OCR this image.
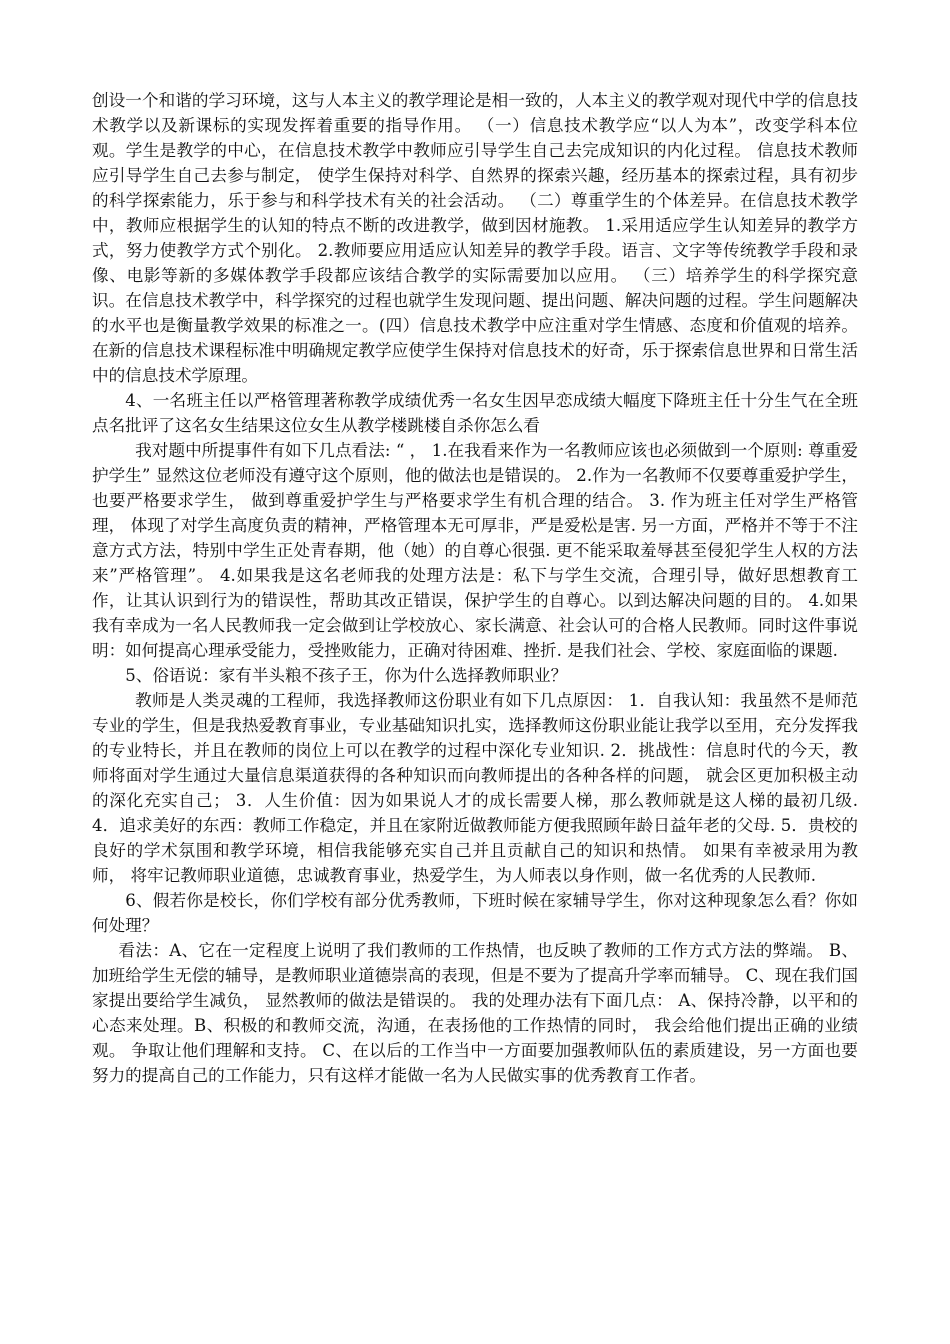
创设一个和谐的学习环境，这与人本主义的教学理论是相一致的，人本主义的教学观对现代中学的信息技术教学以及新课标的实现发挥着重要的指导作用。 （一）信息技术教学应“以人为本”，改变学科本位观。学生是教学的中心，在信息技术教学中教师应引导学生自己去完成知识的内化过程。 信息技术教师应引导学生自己去参与制定， 使学生保持对科学、自然界的探索兴趣，经历基本的探索过程，具有初步的科学探索能力，乐于参与和科学技术有关的社会活动。 （二）尊重学生的个体差异。在信息技术教学中，教师应根据学生的认知的特点不断的改进教学，做到因材施教。 1.采用适应学生认知差异的教学方式，努力使教学方式个别化。 2.教师要应用适应认知差异的教学手段。语言、文字等传统教学手段和录像、电影等新的多媒体教学手段都应该结合教学的实际需要加以应用。 （三）培养学生的科学探究意识。在信息技术教学中，科学探究的过程也就学生发现问题、提出问题、解决问题的过程。学生问题解决的水平也是衡量教学效果的标准之一。(四）信息技术教学中应注重对学生情感、态度和价值观的培养。 在新的信息技术课程标准中明确规定教学应使学生保持对信息技术的好奇，乐于探索信息世界和日常生活中的信息技术学原理。

4、一名班主任以严格管理著称教学成绩优秀一名女生因早恋成绩大幅度下降班主任十分生气在全班点名批评了这名女生结果这位女生从教学楼跳楼自杀你怎么看

我对题中所提事件有如下几点看法: “ ， 1.在我看来作为一名教师应该也必须做到一个原则: 尊重爱护学生” 显然这位老师没有遵守这个原则，他的做法也是错误的。 2.作为一名教师不仅要尊重爱护学生， 也要严格要求学生， 做到尊重爱护学生与严格要求学生有机合理的结合。 3. 作为班主任对学生严格管理， 体现了对学生高度负责的精神，严格管理本无可厚非，严是爱松是害. 另一方面，严格并不等于不注意方式方法，特别中学生正处青春期，他（她）的自尊心很强. 更不能采取羞辱甚至侵犯学生人权的方法来”严格管理”。 4.如果我是这名老师我的处理方法是：私下与学生交流，合理引导，做好思想教育工作，让其认识到行为的错误性，帮助其改正错误，保护学生的自尊心。以到达解决问题的目的。 4.如果我有幸成为一名人民教师我一定会做到让学校放心、家长满意、社会认可的合格人民教师。同时这件事说明：如何提高心理承受能力，受挫败能力，正确对待困难、挫折. 是我们社会、学校、家庭面临的课题.

5、俗语说：家有半头粮不孩子王，你为什么选择教师职业？

教师是人类灵魂的工程师，我选择教师这份职业有如下几点原因： 1．自我认知：我虽然不是师范专业的学生，但是我热爱教育事业，专业基础知识扎实，选择教师这份职业能让我学以至用，充分发挥我的专业特长，并且在教师的岗位上可以在教学的过程中深化专业知识. 2．挑战性：信息时代的今天，教师将面对学生通过大量信息渠道获得的各种知识而向教师提出的各种各样的问题， 就会区更加积极主动的深化充实自己； 3．人生价值：因为如果说人才的成长需要人梯，那么教师就是这人梯的最初几级. 4．追求美好的东西：教师工作稳定，并且在家附近做教师能方便我照顾年龄日益年老的父母. 5．贵校的良好的学术氛围和教学环境，相信我能够充实自己并且贡献自己的知识和热情。 如果有幸被录用为教师， 将牢记教师职业道德，忠诚教育事业，热爱学生，为人师表以身作则，做一名优秀的人民教师.

6、假若你是校长，你们学校有部分优秀教师，下班时候在家辅导学生，你对这种现象怎么看？你如何处理？

看法：A、它在一定程度上说明了我们教师的工作热情，也反映了教师的工作方式方法的弊端。 B、加班给学生无偿的辅导，是教师职业道德崇高的表现，但是不要为了提高升学率而辅导。 C、现在我们国家提出要给学生减负， 显然教师的做法是错误的。 我的处理办法有下面几点： A、保持冷静，以平和的心态来处理。B、积极的和教师交流，沟通，在表扬他的工作热情的同时， 我会给他们提出正确的业绩观。 争取让他们理解和支持。 C、在以后的工作当中一方面要加强教师队伍的素质建设，另一方面也要努力的提高自己的工作能力，只有这样才能做一名为人民做实事的优秀教育工作者。
